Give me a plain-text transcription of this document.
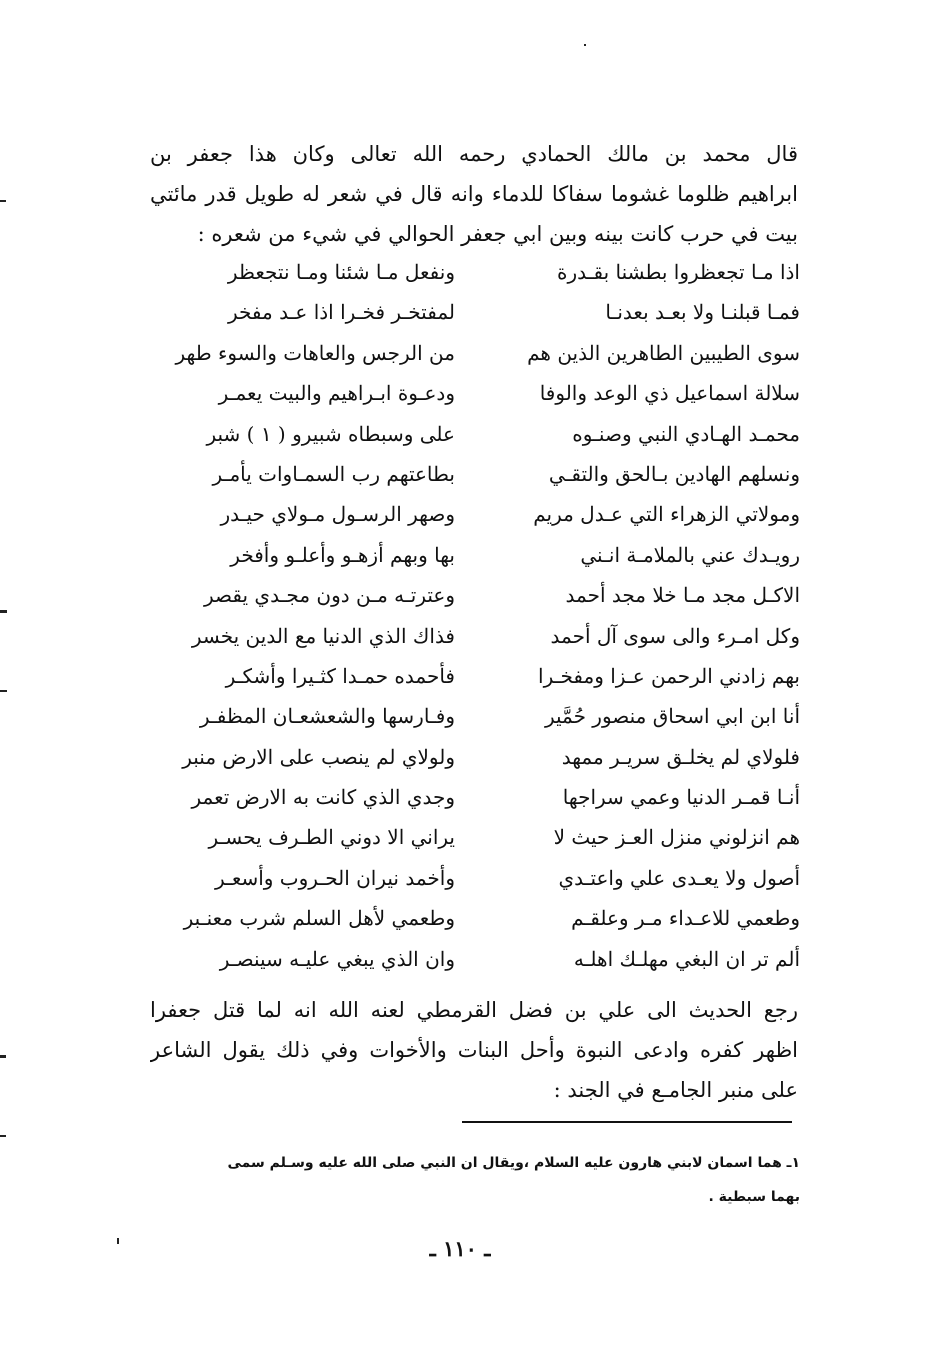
قال محمد بن مالك الحمادي رحمه الله تعالى وكان هذا جعفر بن
ابراهيم ظلوما غشوما سفاكا للدماء وانه قال في شعر له طويل قدر مائتي
بيت في حرب كانت بينه وبين ابي جعفر الحوالي في شيء من شعره :
اذا مـا تجعظروا بطشنا بقـدرة
ونفعل مـا شئنا ومـا نتجعظر
فمـا قبلنـا ولا بعـد بعدنـا
لمفتخـر فخـرا اذا عـد مفخر
سوى الطيبين الطاهرين الذين هم
من الرجس والعاهات والسوء طهر
سلالة اسماعيل ذي الوعد والوفا
ودعـوة ابـراهيم والبيت يعمـر
محمـد الهـادي النبي وصنـوه
على وسبطاه شبيرو ( ١ ) شبر
ونسلهم الهادين بـالحق والتقـي
بطاعتهم رب السمـاوات يأمـر
ومولاتي الزهراء التي عـدل مريم
وصهر الرسـول مـولاي حيـدر
رويـدك عني بالملامـة انـني
بها وبهم أزهـو وأعلـو وأفخر
الاكـل مجد مـا خلا مجد أحمد
وعترتـه مـن دون مجـدي يقصر
وكل امـرء والى سوى آل أحمد
فذاك الذي الدنيا مع الدين يخسر
بهم زادني الرحمن عـزا ومفخـرا
فأحمده حمـدا كثـيرا وأشكـر
أنا ابن ابي اسحاق منصور حُمَّير
وفـارسها والشعشعـان المظفـر
فلولاي لم يخلـق سريـر ممهد
ولولاي لم ينصب على الارض منبر
أنـا قمـر الدنيا وعمي سراجها
وجدي الذي كانت به الارض تعمر
هم انزلوني منزل العـز حيث لا
يراني الا دوني الطـرف يحسـر
أصول ولا يعـدى علي واعتـدي
وأخمد نيران الحـروب وأسعـر
وطعمي للاعـداء مـر وعلقـم
وطعمي لأهل السلم شرب معنـبر
ألم تر ان البغي مهلـك اهلـه
وان الذي يبغي عليـه سينصـر
رجع الحديث الى علي بن فضل القرمطي لعنه الله انه لما قتل جعفرا
اظهر كفره وادعى النبوة وأحل البنات والأخوات وفي ذلك يقول الشاعر
على منبر الجامـع في الجند :
١ـ هما اسمان لابني هارون عليه السلام ،ويقال ان النبي صلى الله عليه وسـلم سمى
بهما سبطية .
ـ ١١٠ ـ
